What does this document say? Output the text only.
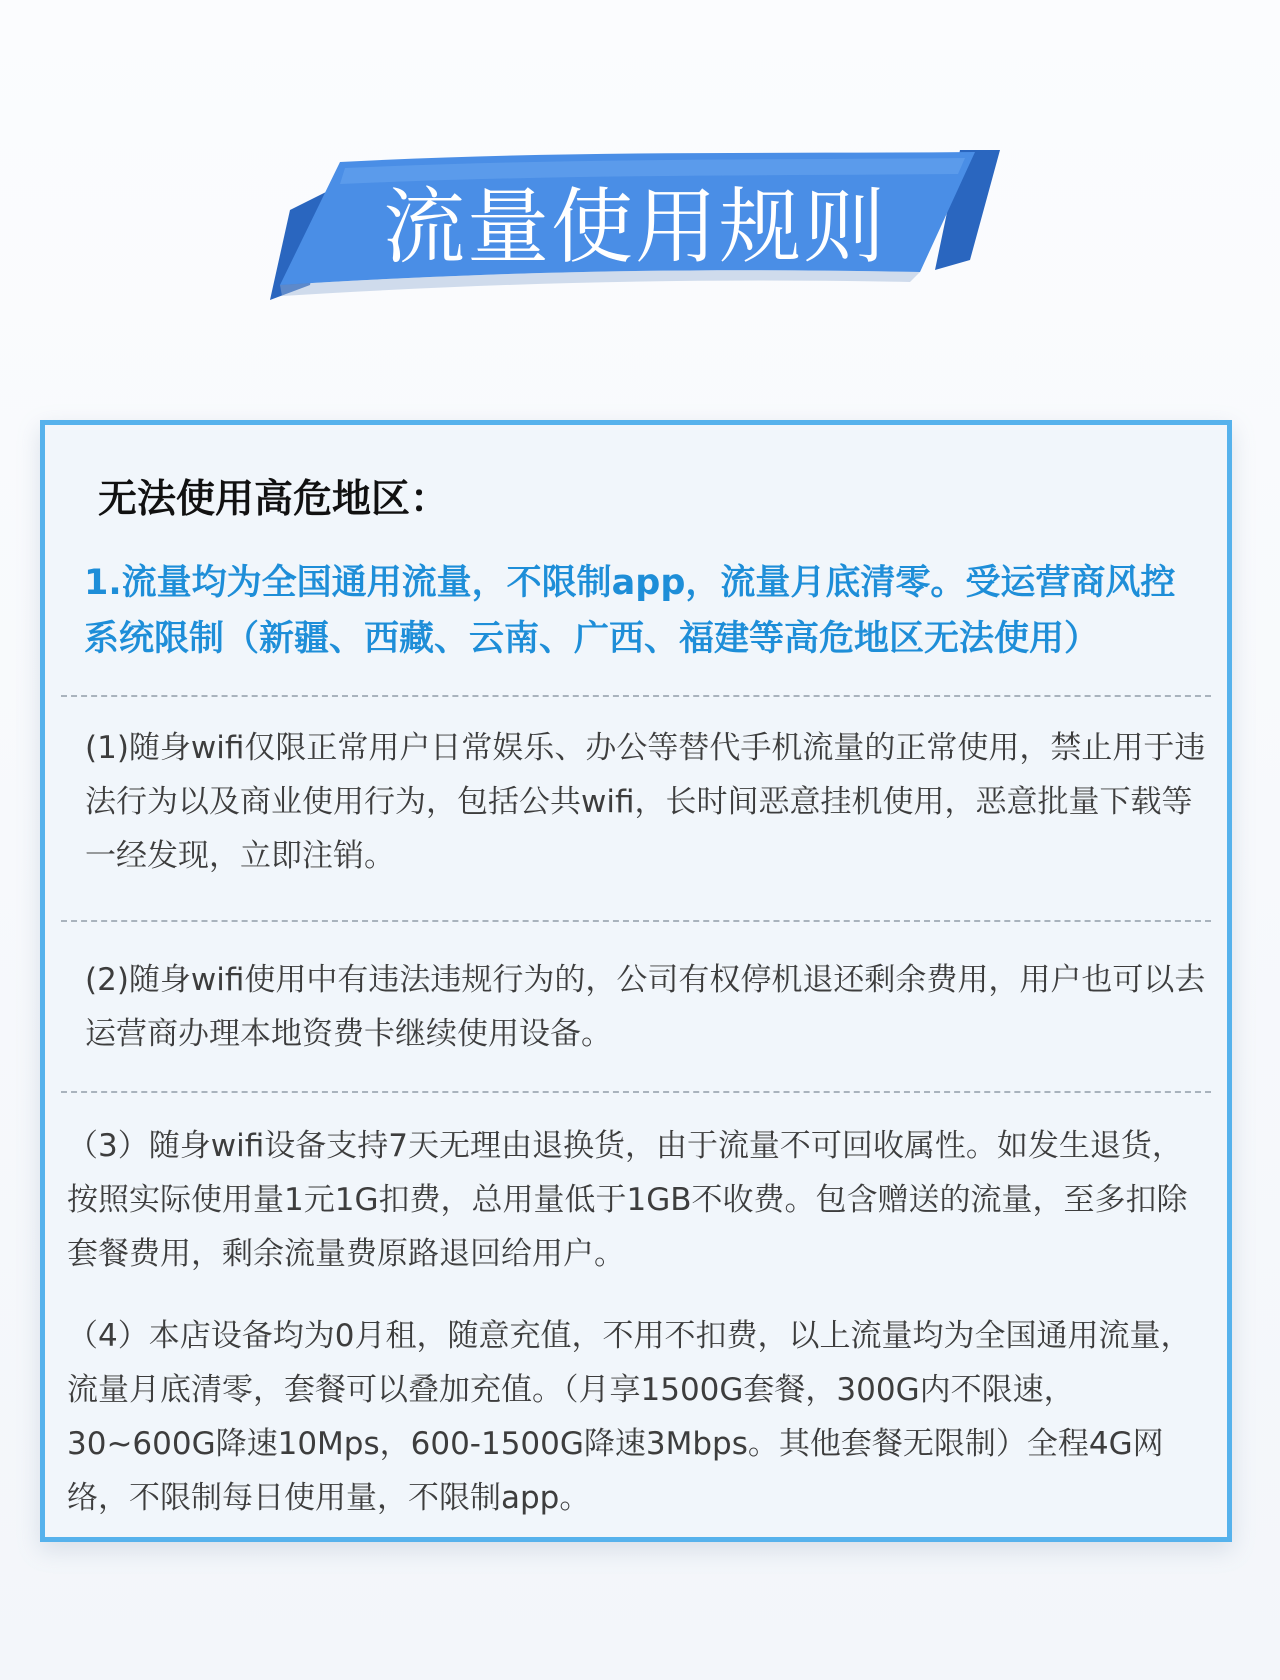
流量使用规则
无法使用高危地区：
1.流量均为全国通用流量，不限制app，流量月底清零。受运营商风控系统限制（新疆、西藏、云南、广西、福建等高危地区无法使用）
(1)随身wifi仅限正常用户日常娱乐、办公等替代手机流量的正常使用，禁止用于违法行为以及商业使用行为，包括公共wifi，长时间恶意挂机使用，恶意批量下载等一经发现，立即注销。
(2)随身wifi使用中有违法违规行为的，公司有权停机退还剩余费用，用户也可以去运营商办理本地资费卡继续使用设备。
（3）随身wifi设备支持7天无理由退换货，由于流量不可回收属性。如发生退货，按照实际使用量1元1G扣费，总用量低于1GB不收费。包含赠送的流量，至多扣除套餐费用，剩余流量费原路退回给用户。
（4）本店设备均为0月租，随意充值，不用不扣费，以上流量均为全国通用流量，流量月底清零，套餐可以叠加充值。（月享1500G套餐，300G内不限速，30~600G降速10Mps，600-1500G降速3Mbps。其他套餐无限制）全程4G网络，不限制每日使用量，不限制app。
